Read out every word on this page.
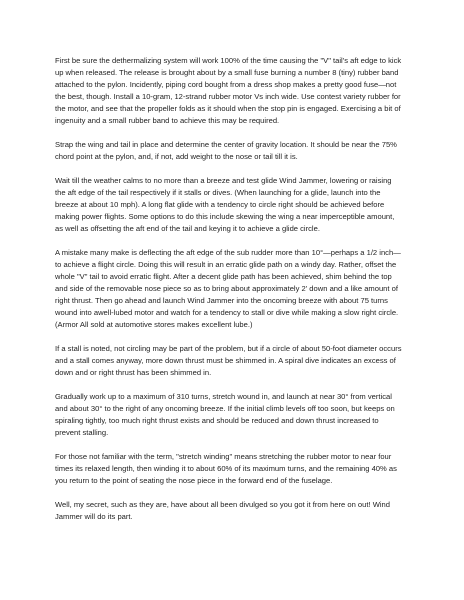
First be sure the dethermalizing system will work 100% of the time causing the "V" tail's aft edge to kick up when released. The release is brought about by a small fuse burning a number 8 (tiny) rubber band attached to the pylon. Incidently, piping cord bought from a dress shop makes a pretty good fuse—not the best, though. Install a 10-gram, 12-strand rubber motor Vs inch wide. Use contest variety rubber for the motor, and see that the propeller folds as it should when the stop pin is engaged. Exercising a bit of ingenuity and a small rubber band to achieve this may be required.

Strap the wing and tail in place and determine the center of gravity location. It should be near the 75% chord point at the pylon, and, if not, add weight to the nose or tail till it is.

Wait till the weather calms to no more than a breeze and test glide Wind Jammer, lowering or raising the aft edge of the tail respectively if it stalls or dives. (When launching for a glide, launch into the breeze at about 10 mph). A long flat glide with a tendency to circle right should be achieved before making power flights. Some options to do this include skewing the wing a near imperceptible amount, as well as offsetting the aft end of the tail and keying it to achieve a glide circle.

A mistake many make is deflecting the aft edge of the sub rudder more than 10°—perhaps a 1/2 inch—to achieve a flight circle. Doing this will result in an erratic glide path on a windy day. Rather, offset the whole "V" tail to avoid erratic flight. After a decent glide path has been achieved, shim behind the top and side of the removable nose piece so as to bring about approximately 2' down and a like amount of right thrust. Then go ahead and launch Wind Jammer into the oncoming breeze with about 75 turns wound into awell-lubed motor and watch for a tendency to stall or dive while making a slow right circle. (Armor All sold at automotive stores makes excellent lube.)

If a stall is noted, not circling may be part of the problem, but if a circle of about 50-foot diameter occurs and a stall comes anyway, more down thrust must be shimmed in. A spiral dive indicates an excess of down and or right thrust has been shimmed in.

Gradually work up to a maximum of 310 turns, stretch wound in, and launch at near 30° from vertical and about 30° to the right of any oncoming breeze. If the initial climb levels off too soon, but keeps on spiraling tightly, too much right thrust exists and should be reduced and down thrust increased to prevent stalling.

For those not familiar with the term, "stretch winding" means stretching the rubber motor to near four times its relaxed length, then winding it to about 60% of its maximum turns, and the remaining 40% as you return to the point of seating the nose piece in the forward end of the fuselage.

Well, my secret, such as they are, have about all been divulged so you got it from here on out! Wind Jammer will do its part.
